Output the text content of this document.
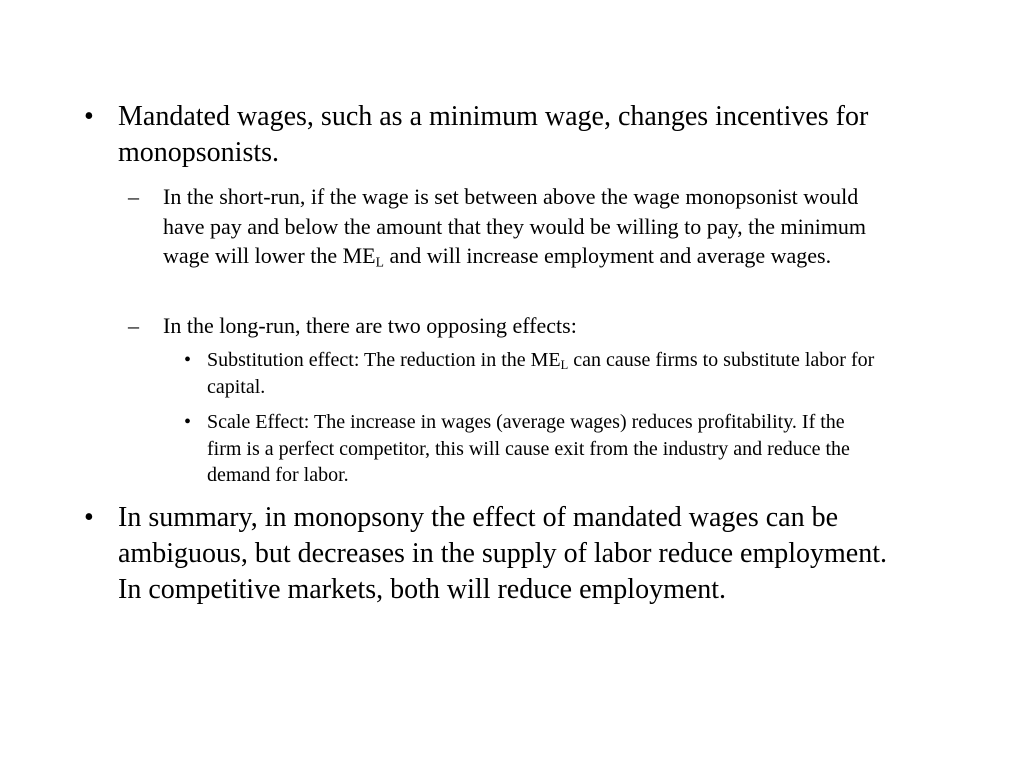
• Mandated wages, such as a minimum wage, changes incentives for monopsonists.
–	In the short-run, if the wage is set between above the wage monopsonist would have pay and below the amount that they would be willing to pay, the minimum wage will lower the $ME_L$ and will increase employment and average wages.
–	In the long-run, there are two opposing effects:
• Substitution effect: The reduction in the $ME_L$ can cause firms to substitute labor for capital.
• Scale Effect: The increase in wages (average wages) reduces profitability. If the firm is a perfect competitor, this will cause exit from the industry and reduce the demand for labor.
• In summary, in monopsony the effect of mandated wages can be ambiguous, but decreases in the supply of labor reduce employment. In competitive markets, both will reduce employment.
